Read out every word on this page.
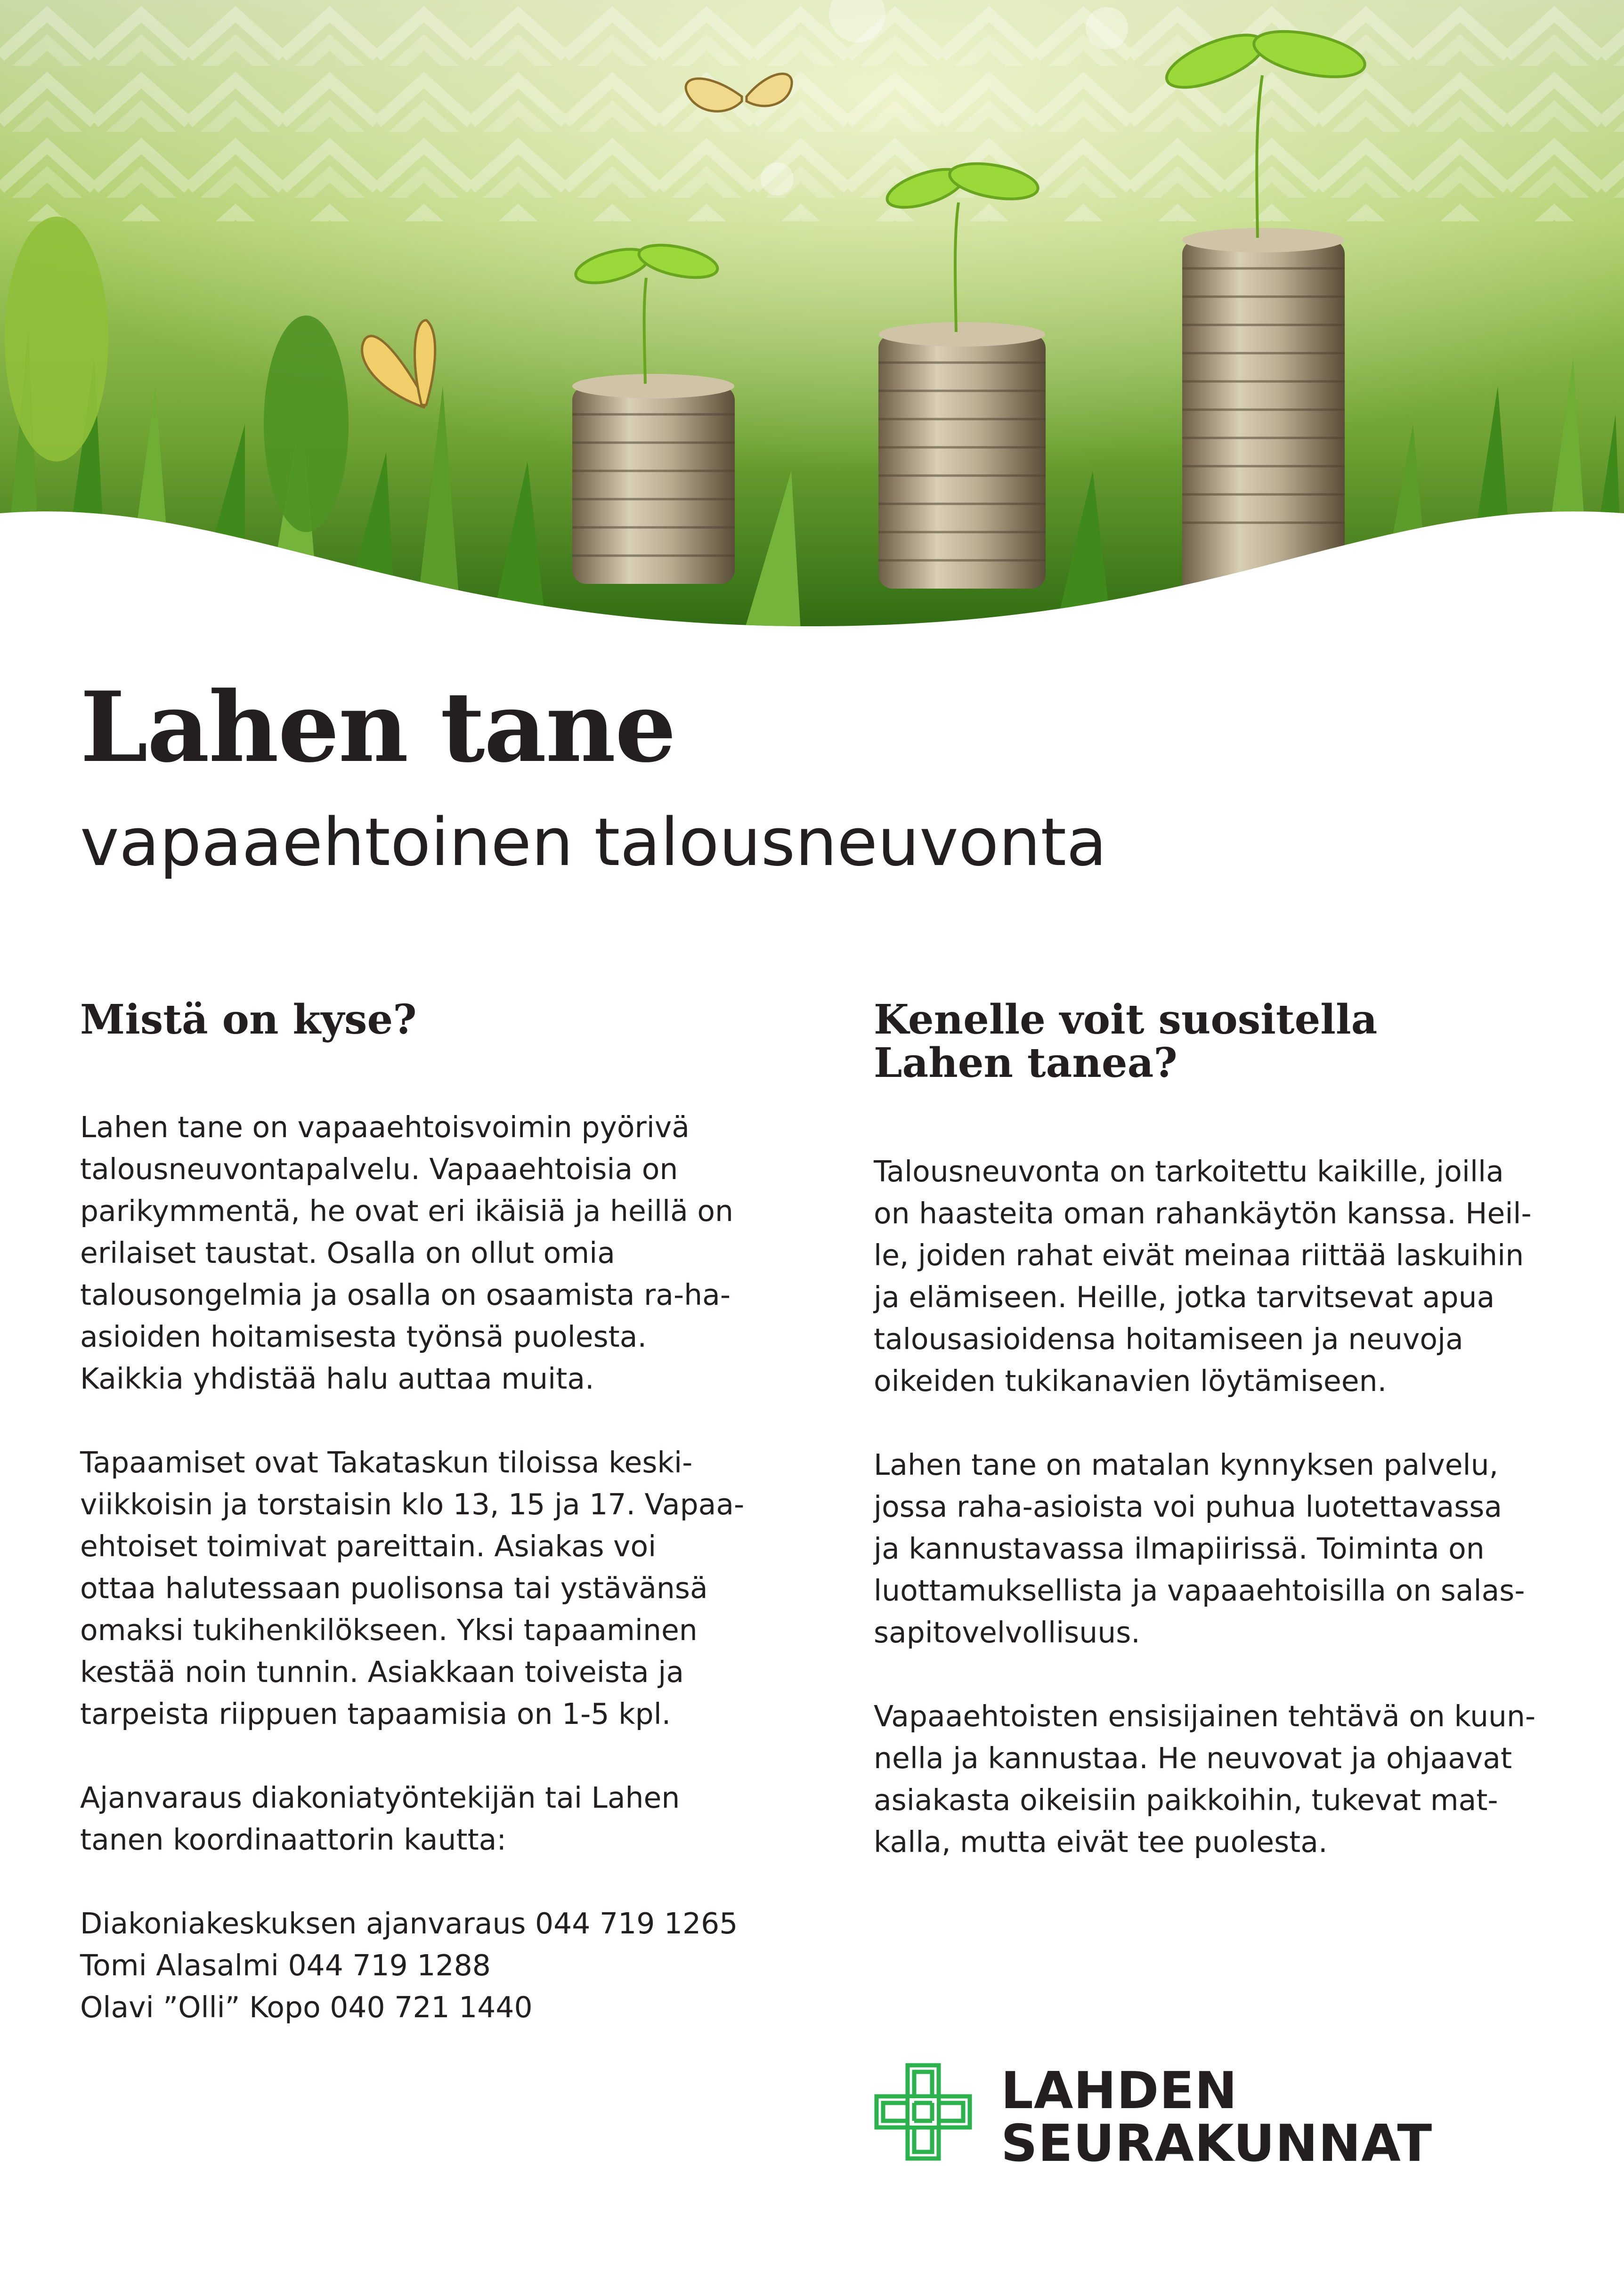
Lahen tane
vapaaehtoinen talousneuvonta
Mistä on kyse?
Lahen tane on vapaaehtoisvoimin pyörivä
talousneuvontapalvelu. Vapaaehtoisia on
parikymmentä, he ovat eri ikäisiä ja heillä on
erilaiset taustat. Osalla on ollut omia
talousongelmia ja osalla on osaamista ra-ha-
asioiden hoitamisesta työnsä puolesta.
Kaikkia yhdistää halu auttaa muita.
Tapaamiset ovat Takataskun tiloissa keski-
viikkoisin ja torstaisin klo 13, 15 ja 17. Vapaa-
ehtoiset toimivat pareittain. Asiakas voi
ottaa halutessaan puolisonsa tai ystävänsä
omaksi tukihenkilökseen. Yksi tapaaminen
kestää noin tunnin. Asiakkaan toiveista ja
tarpeista riippuen tapaamisia on 1-5 kpl.
Ajanvaraus diakoniatyöntekijän tai Lahen
tanen koordinaattorin kautta:
Diakoniakeskuksen ajanvaraus 044 719 1265
Tomi Alasalmi 044 719 1288
Olavi ”Olli” Kopo 040 721 1440
Kenelle voit suositella
Lahen tanea?
Talousneuvonta on tarkoitettu kaikille, joilla
on haasteita oman rahankäytön kanssa. Heil-
le, joiden rahat eivät meinaa riittää laskuihin
ja elämiseen. Heille, jotka tarvitsevat apua
talousasioidensa hoitamiseen ja neuvoja
oikeiden tukikanavien löytämiseen.
Lahen tane on matalan kynnyksen palvelu,
jossa raha-asioista voi puhua luotettavassa
ja kannustavassa ilmapiirissä. Toiminta on
luottamuksellista ja vapaaehtoisilla on salas-
sapitovelvollisuus.
Vapaaehtoisten ensisijainen tehtävä on kuun-
nella ja kannustaa. He neuvovat ja ohjaavat
asiakasta oikeisiin paikkoihin, tukevat mat-
kalla, mutta eivät tee puolesta.
LAHDEN
SEURAKUNNAT
